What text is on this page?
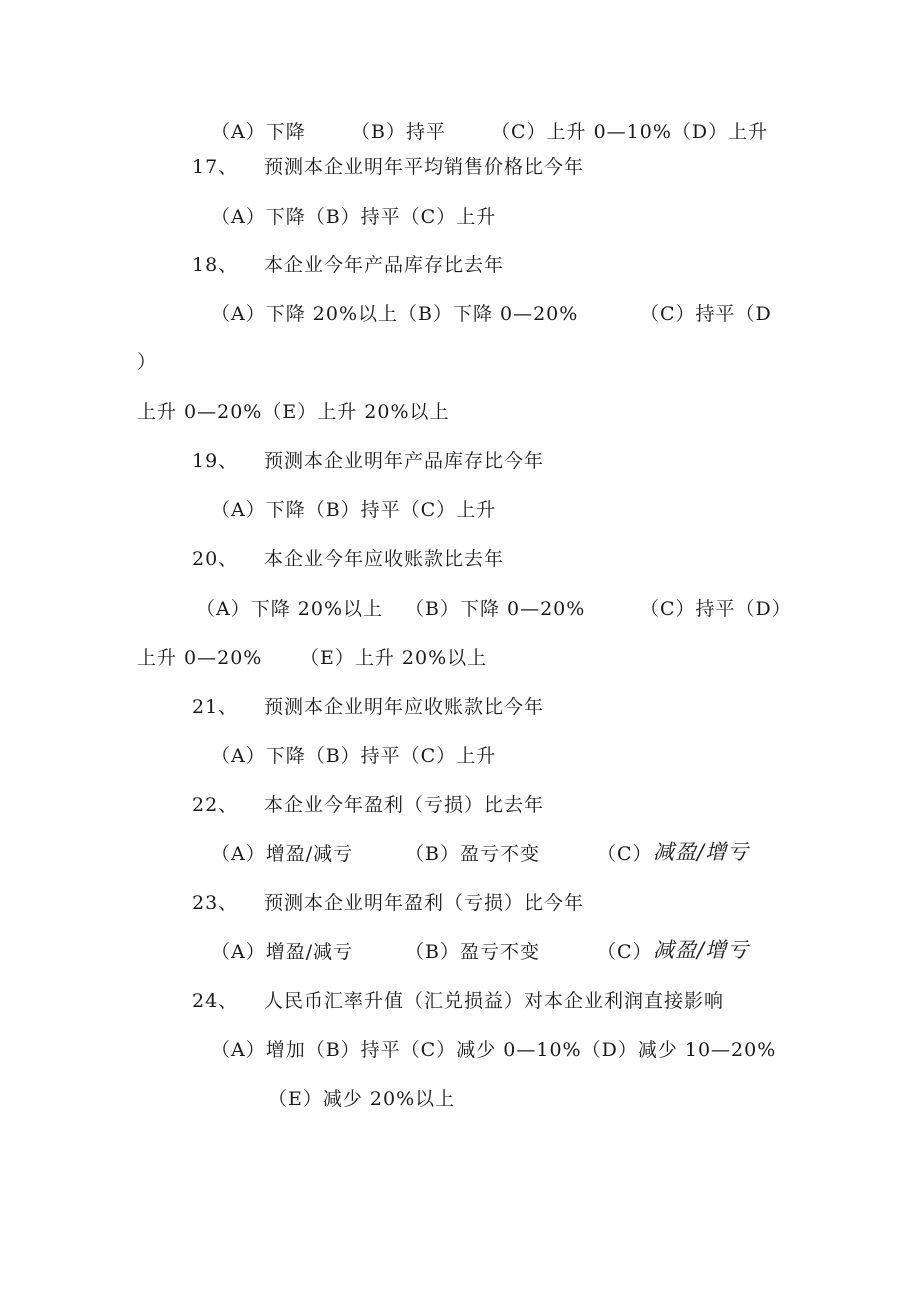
（A）下降 （B）持平 （C）上升 0—10%（D）上升
17、 预测本企业明年平均销售价格比今年
（A）下降（B）持平（C）上升
18、 本企业今年产品库存比去年
（A）下降 20%以上（B）下降 0—20%	（C）持平（D
）
上升 0—20%（E）上升 20%以上
19、 预测本企业明年产品库存比今年
（A）下降（B）持平（C）上升
20、 本企业今年应收账款比去年
（A）下降 20%以上 （B）下降 0—20%	（C）持平（D）
上升 0—20% （E）上升 20%以上
21、 预测本企业明年应收账款比今年
（A）下降（B）持平（C）上升
22、 本企业今年盈利（亏损）比去年
（A）增盈/减亏	（B）盈亏不变	（C） 减盈/增亏
23、 预测本企业明年盈利（亏损）比今年
（A）增盈/减亏	（B）盈亏不变	（C） 减盈/增亏
24、 人民币汇率升值（汇兑损益）对本企业利润直接影响
（A）增加（B）持平（C）减少 0—10%（D）减少 10—20%
（E）减少 20%以上
